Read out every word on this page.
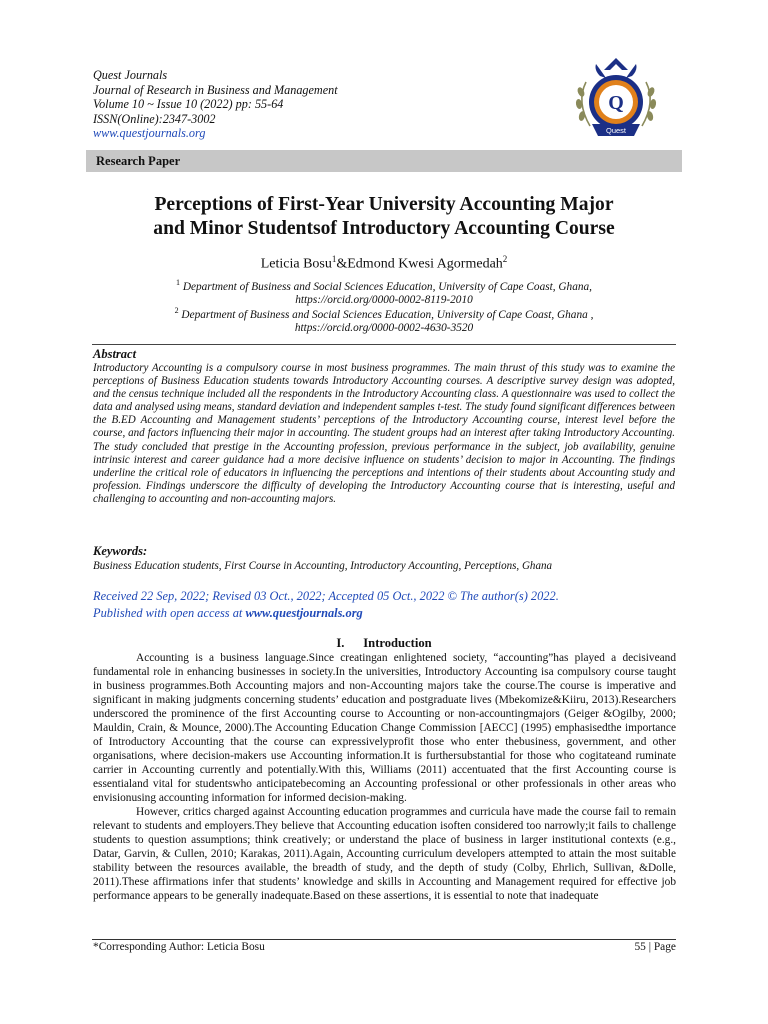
Quest Journals
Journal of Research in Business and Management
Volume 10 ~ Issue 10 (2022) pp: 55-64
ISSN(Online):2347-3002
www.questjournals.org
Q
Quest
Research Paper
Perceptions of First-Year University Accounting Major
and Minor Studentsof Introductory Accounting Course
Leticia Bosu$^1$&Edmond Kwesi Agormedah$^2$
$^1$ Department of Business and Social Sciences Education, University of Cape Coast, Ghana,
https://orcid.org/0000-0002-8119-2010
$^2$ Department of Business and Social Sciences Education, University of Cape Coast, Ghana ,
https://orcid.org/0000-0002-4630-3520
Abstract
Introductory Accounting is a compulsory course in most business programmes. The main thrust of this study was to examine the perceptions of Business Education students towards Introductory Accounting courses. A descriptive survey design was adopted, and the census technique included all the respondents in the Introductory Accounting class. A questionnaire was used to collect the data and analysed using means, standard deviation and independent samples t-test. The study found significant differences between the B.ED Accounting and Management students’ perceptions of the Introductory Accounting course, interest level before the course, and factors influencing their major in accounting. The student groups had an interest after taking Introductory Accounting. The study concluded that prestige in the Accounting profession, previous performance in the subject, job availability, genuine intrinsic interest and career guidance had a more decisive influence on students’ decision to major in Accounting. The findings underline the critical role of educators in influencing the perceptions and intentions of their students about Accounting study and profession. Findings underscore the difficulty of developing the Introductory Accounting course that is interesting, useful and challenging to accounting and non-accounting majors.
Keywords:
Business Education students, First Course in Accounting, Introductory Accounting, Perceptions, Ghana
Received 22 Sep, 2022; Revised 03 Oct., 2022; Accepted 05 Oct., 2022 © The author(s) 2022.
Published with open access at www.questjournals.org
I.      Introduction

Accounting is a business language.Since creatingan enlightened society, “accounting”has played a decisiveand fundamental role in enhancing businesses in society.In the universities, Introductory Accounting isa compulsory course taught in business programmes.Both Accounting majors and non-Accounting majors take the course.The course is imperative and significant in making judgments concerning students’ education and postgraduate lives (Mbekomize&Kiiru, 2013).Researchers underscored the prominence of the first Accounting course to Accounting or non-accountingmajors (Geiger &Ogilby, 2000; Mauldin, Crain, & Mounce, 2000).The Accounting Education Change Commission [AECC] (1995) emphasisedthe importance of Introductory Accounting that the course can expressivelyprofit those who enter thebusiness, government, and other organisations, where decision-makers use Accounting information.It is furthersubstantial for those who cogitateand ruminate carrier in Accounting currently and potentially.With this, Williams (2011) accentuated that the first Accounting course is essentialand vital for studentswho anticipatebecoming an Accounting professional or other professionals in other areas who envisionusing accounting information for informed decision-making.

However, critics charged against Accounting education programmes and curricula have made the course fail to remain relevant to students and employers.They believe that Accounting education isoften considered too narrowly;it fails to challenge students to question assumptions; think creatively; or understand the place of business in larger institutional contexts (e.g., Datar, Garvin, & Cullen, 2010; Karakas, 2011).Again, Accounting curriculum developers attempted to attain the most suitable stability between the resources available, the breadth of study, and the depth of study (Colby, Ehrlich, Sullivan, &Dolle, 2011).These affirmations infer that students’ knowledge and skills in Accounting and Management required for effective job performance appears to be generally inadequate.Based on these assertions, it is essential to note that inadequate

*Corresponding Author: Leticia Bosu	55 | Page
